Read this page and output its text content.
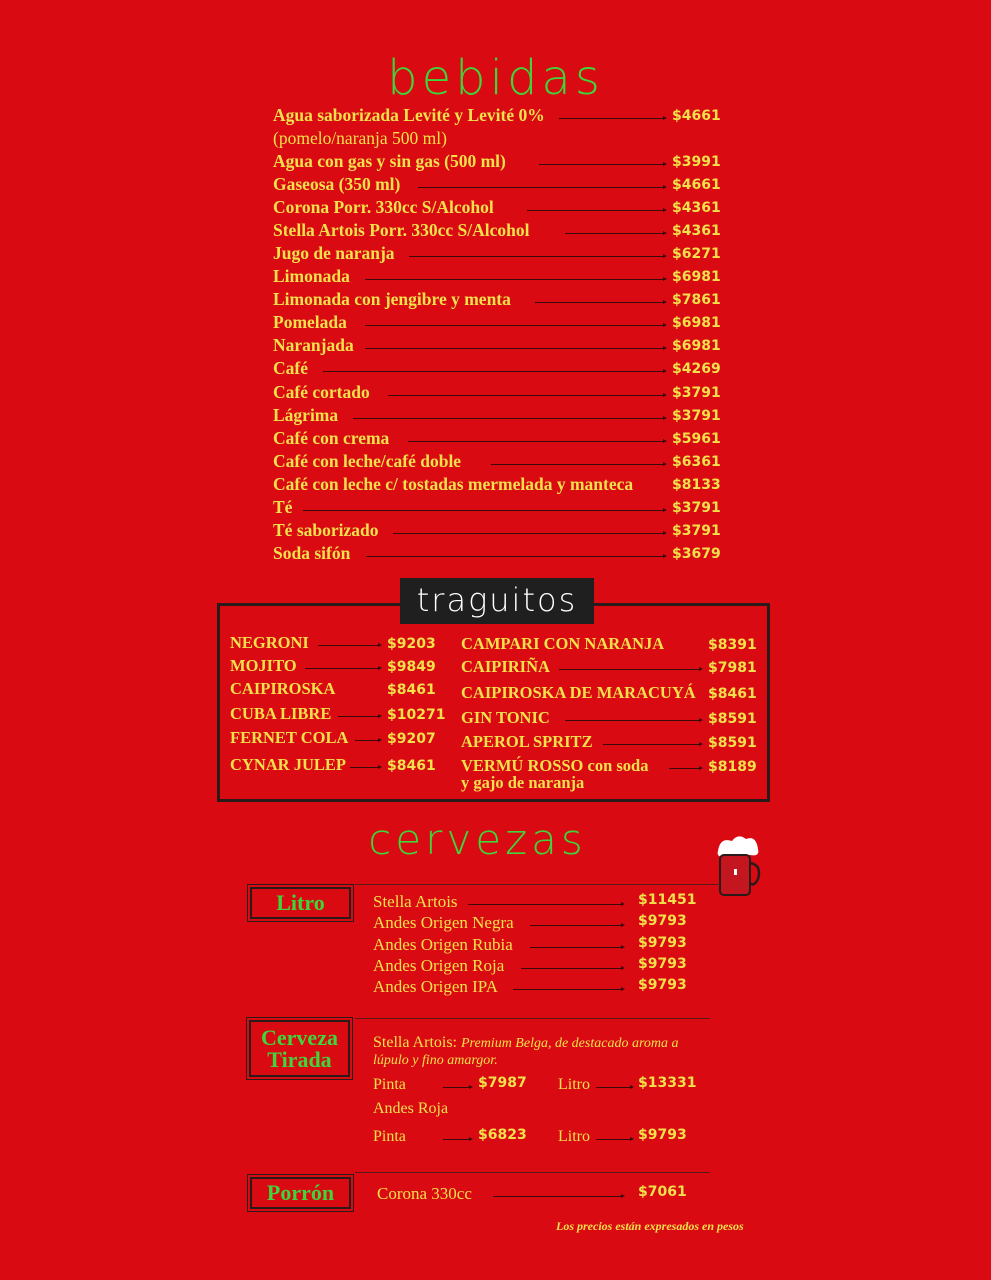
bebidas
Agua saborizada Levité y Levité 0%	$4661
Agua con gas y sin gas (500 ml)	$3991
Gaseosa (350 ml)	$4661
Corona Porr. 330cc S/Alcohol	$4361
Stella Artois Porr. 330cc S/Alcohol	$4361
Jugo de naranja	$6271
Limonada	$6981
Limonada con jengibre y menta	$7861
Pomelada	$6981
Naranjada	$6981
Café	$4269
Café cortado	$3791
Lágrima	$3791
Café con crema	$5961
Café con leche/café doble	$6361
Café con leche c/ tostadas mermelada y manteca	$8133
Té	$3791
Té saborizado	$3791
Soda sifón	$3679
(pomelo/naranja 500 ml)
traguitos
NEGRONI	$9203
MOJITO	$9849
CAIPIROSKA	$8461
CUBA LIBRE	$10271
FERNET COLA	$9207
CYNAR JULEP	$8461
CAMPARI CON NARANJA	$8391
CAIPIRIÑA	$7981
CAIPIROSKA DE MARACUYÁ $8461
GIN TONIC	$8591
APEROL SPRITZ	$8591
VERMÚ ROSSO con soda	$8189
y gajo de naranja
cervezas
Litro	Stella Artois	$11451
Andes Origen Negra	$9793
Andes Origen Rubia	$9793
Andes Origen Roja	$9793
Andes Origen IPA	$9793
Cerveza
Tirada
Stella Artois: Premium Belga, de destacado aroma a
lúpulo y fino amargor.
Pinta	$7987 Litro	$13331
Andes Roja
Pinta	$6823 Litro	$9793
Porrón	Corona 330cc	$7061
Los precios están expresados en pesos
